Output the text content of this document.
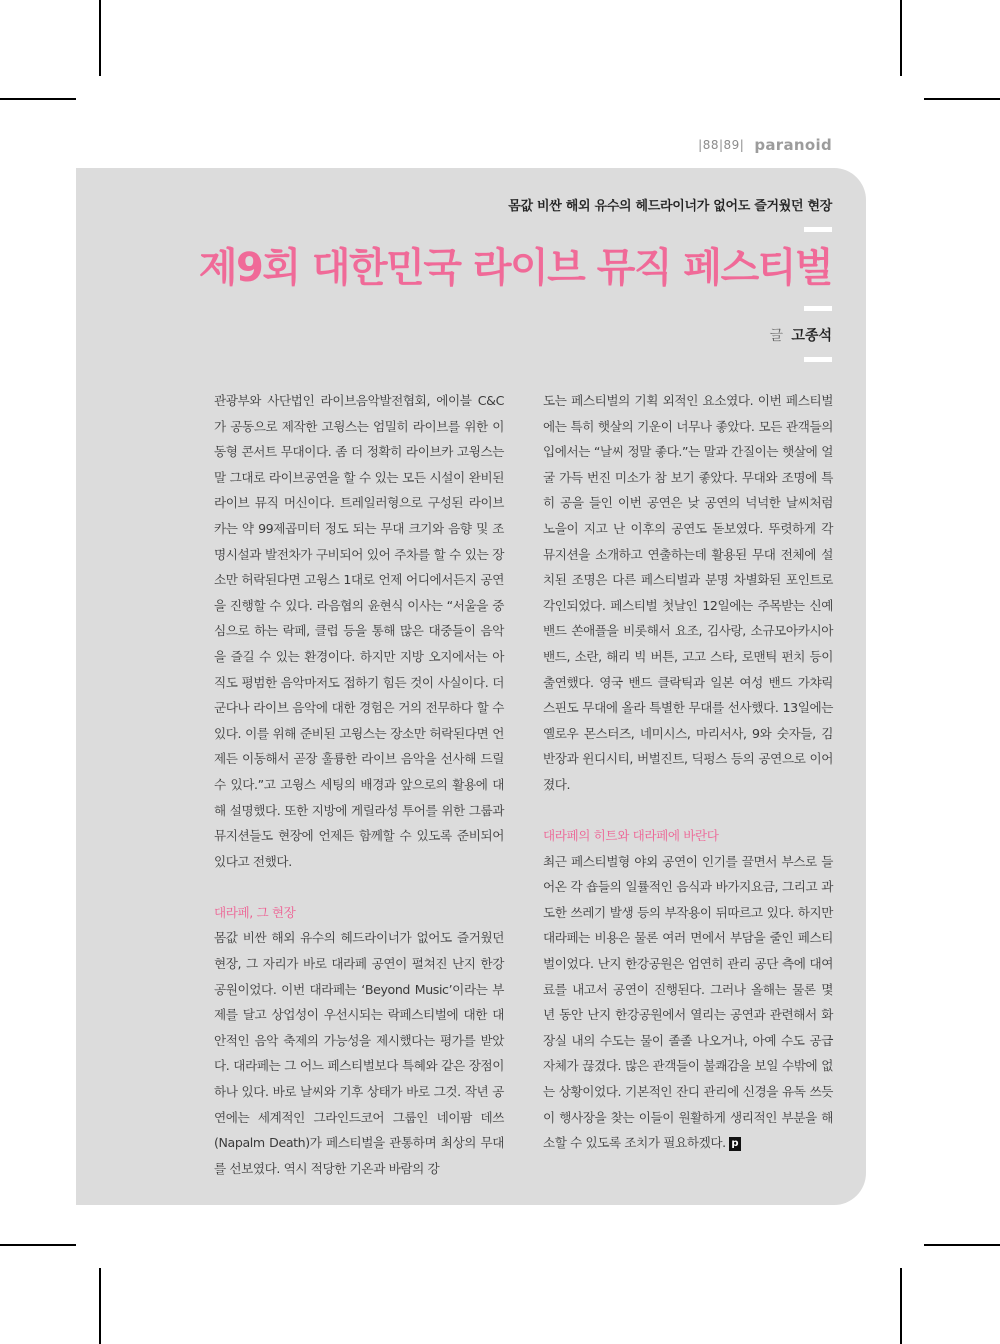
|88|89| paranoid
몸값 비싼 해외 유수의 헤드라이너가 없어도 즐거웠던 현장
제9회 대한민국 라이브 뮤직 페스티벌
글 고종석

관광부와 사단법인 라이브음악발전협회, 에이블 C&C가 공동으로 제작한 고윙스는 엄밀히 라이브를 위한 이동형 콘서트 무대이다. 좀 더 정확히 라이브카 고윙스는 말 그대로 라이브공연을 할 수 있는 모든 시설이 완비된 라이브 뮤직 머신이다. 트레일러형으로 구성된 라이브카는 약 99제곱미터 정도 되는 무대 크기와 음향 및 조명시설과 발전차가 구비되어 있어 주차를 할 수 있는 장소만 허락된다면 고윙스 1대로 언제 어디에서든지 공연을 진행할 수 있다. 라음협의 윤현식 이사는 “서울을 중심으로 하는 락페, 클럽 등을 통해 많은 대중들이 음악을 즐길 수 있는 환경이다. 하지만 지방 오지에서는 아직도 평범한 음악마저도 접하기 힘든 것이 사실이다. 더군다나 라이브 음악에 대한 경험은 거의 전무하다 할 수 있다. 이를 위해 준비된 고윙스는 장소만 허락된다면 언제든 이동해서 곧장 훌륭한 라이브 음악을 선사해 드릴 수 있다.”고 고윙스 세팅의 배경과 앞으로의 활용에 대해 설명했다. 또한 지방에 게릴라성 투어를 위한 그룹과 뮤지션들도 현장에 언제든 함께할 수 있도록 준비되어 있다고 전했다.

대라페, 그 현장

몸값 비싼 해외 유수의 헤드라이너가 없어도 즐거웠던 현장, 그 자리가 바로 대라페 공연이 펼쳐진 난지 한강공원이었다. 이번 대라페는 ‘Beyond Music’이라는 부제를 달고 상업성이 우선시되는 락페스티벌에 대한 대안적인 음악 축제의 가능성을 제시했다는 평가를 받았다. 대라페는 그 어느 페스티벌보다 특혜와 같은 장점이 하나 있다. 바로 날씨와 기후 상태가 바로 그것. 작년 공연에는 세계적인 그라인드코어 그룹인 네이팜 데쓰(Napalm Death)가 페스티벌을 관통하며 최상의 무대를 선보였다. 역시 적당한 기온과 바람의 강

도는 페스티벌의 기획 외적인 요소였다. 이번 페스티벌에는 특히 햇살의 기운이 너무나 좋았다. 모든 관객들의 입에서는 “날씨 정말 좋다.”는 말과 간질이는 햇살에 얼굴 가득 번진 미소가 참 보기 좋았다. 무대와 조명에 특히 공을 들인 이번 공연은 낮 공연의 넉넉한 날씨처럼 노을이 지고 난 이후의 공연도 돋보였다. 뚜렷하게 각 뮤지션을 소개하고 연출하는데 활용된 무대 전체에 설치된 조명은 다른 페스티벌과 분명 차별화된 포인트로 각인되었다. 페스티벌 첫날인 12일에는 주목받는 신예 밴드 쏜애플을 비롯해서 요조, 김사랑, 소규모아카시아밴드, 소란, 해리 빅 버튼, 고고 스타, 로맨틱 펀치 등이 출연했다. 영국 밴드 클락틱과 일본 여성 밴드 가챠릭 스핀도 무대에 올라 특별한 무대를 선사했다. 13일에는 옐로우 몬스터즈, 네미시스, 마리서사, 9와 숫자들, 김반장과 윈디시티, 버벌진트, 딕펑스 등의 공연으로 이어졌다.

대라페의 히트와 대라페에 바란다

최근 페스티벌형 야외 공연이 인기를 끌면서 부스로 들어온 각 숍들의 일률적인 음식과 바가지요금, 그리고 과도한 쓰레기 발생 등의 부작용이 뒤따르고 있다. 하지만 대라페는 비용은 물론 여러 면에서 부담을 줄인 페스티벌이었다. 난지 한강공원은 엄연히 관리 공단 측에 대여료를 내고서 공연이 진행된다. 그러나 올해는 물론 몇 년 동안 난지 한강공원에서 열리는 공연과 관련해서 화장실 내의 수도는 물이 졸졸 나오거나, 아예 수도 공급 자체가 끊겼다. 많은 관객들이 불쾌감을 보일 수밖에 없는 상황이었다. 기본적인 잔디 관리에 신경을 유독 쓰듯이 행사장을 찾는 이들이 원활하게 생리적인 부분을 해소할 수 있도록 조치가 필요하겠다. p
